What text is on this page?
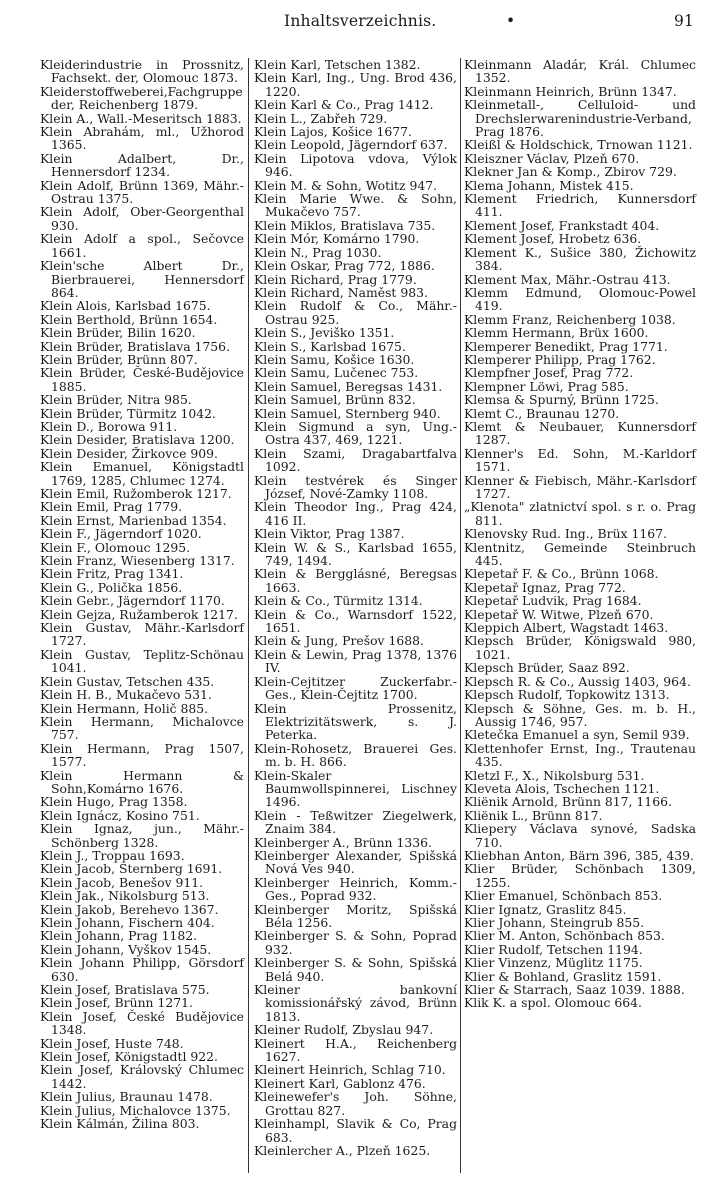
Inhaltsverzeichnis.	•	91
Kleiderindustrie in Prossnitz, Fachsekt. der, Olomouc 1873.
Kleiderstoffweberei,Fachgruppe der, Reichenberg 1879.
Klein A., Wall.-Meseritsch 1883.
Klein Abrahám, ml., Užhorod 1365.
Klein Adalbert, Dr., Hennersdorf 1234.
Klein Adolf, Brünn 1369, Mähr.-Ostrau 1375.
Klein Adolf, Ober-Georgenthal 930.
Klein Adolf a spol., Sečovce 1661.
Klein'sche Albert Dr., Bierbrauerei, Hennersdorf 864.
Klein Alois, Karlsbad 1675.
Klein Berthold, Brünn 1654.
Klein Brüder, Bilin 1620.
Klein Brüder, Bratislava 1756.
Klein Brüder, Brünn 807.
Klein Brüder, České-Budějovice 1885.
Klein Brüder, Nitra 985.
Klein Brüder, Türmitz 1042.
Klein D., Borowa 911.
Klein Desider, Bratislava 1200.
Klein Desider, Žirkovce 909.
Klein Emanuel, Königstadtl 1769, 1285, Chlumec 1274.
Klein Emil, Ružomberok 1217.
Klein Emil, Prag 1779.
Klein Ernst, Marienbad 1354.
Klein F., Jägerndorf 1020.
Klein F., Olomouc 1295.
Klein Franz, Wiesenberg 1317.
Klein Fritz, Prag 1341.
Klein G., Polička 1856.
Klein Gebr., Jägerndorf 1170.
Klein Gejza, Ružamberok 1217.
Klein Gustav, Mähr.-Karlsdorf 1727.
Klein Gustav, Teplitz-Schönau 1041.
Klein Gustav, Tetschen 435.
Klein H. B., Mukačevo 531.
Klein Hermann, Holič 885.
Klein Hermann, Michalovce 757.
Klein Hermann, Prag 1507, 1577.
Klein Hermann & Sohn,Komárno 1676.
Klein Hugo, Prag 1358.
Klein Ignácz, Kosino 751.
Klein Ignaz, jun., Mähr.-Schönberg 1328.
Klein J., Troppau 1693.
Klein Jacob, Sternberg 1691.
Klein Jacob, Benešov 911.
Klein Jak., Nikolsburg 513.
Klein Jakob, Berehevo 1367.
Klein Johann, Fischern 404.
Klein Johann, Prag 1182.
Klein Johann, Vyškov 1545.
Klein Johann Philipp, Görsdorf 630.
Klein Josef, Bratislava 575.
Klein Josef, Brünn 1271.
Klein Josef, České Budějovice 1348.
Klein Josef, Huste 748.
Klein Josef, Königstadtl 922.
Klein Josef, Královský Chlumec 1442.
Klein Julius, Braunau 1478.
Klein Julius, Michalovce 1375.
Klein Kálmán, Žilina 803.
Klein Karl, Tetschen 1382.
Klein Karl, Ing., Ung. Brod 436, 1220.
Klein Karl & Co., Prag 1412.
Klein L., Zabřeh 729.
Klein Lajos, Košice 1677.
Klein Leopold, Jägerndorf 637.
Klein Lipotova vdova, Výlok 946.
Klein M. & Sohn, Wotitz 947.
Klein Marie Wwe. & Sohn, Mukačevo 757.
Klein Miklos, Bratislava 735.
Klein Mór, Komárno 1790.
Klein N., Prag 1030.
Klein Oskar, Prag 772, 1886.
Klein Richard, Prag 1779.
Klein Richard, Naměst 983.
Klein Rudolf & Co., Mähr.-Ostrau 925.
Klein S., Jeviško 1351.
Klein S., Karlsbad 1675.
Klein Samu, Košice 1630.
Klein Samu, Lučenec 753.
Klein Samuel, Beregsas 1431.
Klein Samuel, Brünn 832.
Klein Samuel, Sternberg 940.
Klein Sigmund a syn, Ung.-Ostra 437, 469, 1221.
Klein Szami, Dragabartfalva 1092.
Klein testvérek és Singer József, Nové-Zamky 1108.
Klein Theodor Ing., Prag 424, 416 II.
Klein Viktor, Prag 1387.
Klein W. & S., Karlsbad 1655, 749, 1494.
Klein & Bergglásné, Beregsas 1663.
Klein & Co., Türmitz 1314.
Klein & Co., Warnsdorf 1522, 1651.
Klein & Jung, Prešov 1688.
Klein & Lewin, Prag 1378, 1376 IV.
Klein-Cejtitzer Zuckerfabr.-Ges., Klein-Čejtitz 1700.
Klein Prossenitz, Elektrizitätswerk, s. J. Peterka.
Klein-Rohosetz, Brauerei Ges. m. b. H. 866.
Klein-Skaler Baumwollspinnerei, Lischney 1496.
Klein - Teßwitzer Ziegelwerk, Znaim 384.
Kleinberger A., Brünn 1336.
Kleinberger Alexander, Spišská Nová Ves 940.
Kleinberger Heinrich, Komm.-Ges., Poprad 932.
Kleinberger Moritz, Spišská Béla 1256.
Kleinberger S. & Sohn, Poprad 932.
Kleinberger S. & Sohn, Spišská Belá 940.
Kleiner bankovní komissionářský závod, Brünn 1813.
Kleiner Rudolf, Zbyslau 947.
Kleinert H.A., Reichenberg 1627.
Kleinert Heinrich, Schlag 710.
Kleinert Karl, Gablonz 476.
Kleinewefer's Joh. Söhne, Grottau 827.
Kleinhampl, Slavik & Co, Prag 683.
Kleinlercher A., Plzeň 1625.
Kleinmann Aladár, Král. Chlumec 1352.
Kleinmann Heinrich, Brünn 1347.
Kleinmetall-, Celluloid- und Drechslerwarenindustrie-Verband, Prag 1876.
Kleißl & Holdschick, Trnowan 1121.
Kleiszner Václav, Plzeň 670.
Klekner Jan & Komp., Zbirov 729.
Klema Johann, Mistek 415.
Klement Friedrich, Kunnersdorf 411.
Klement Josef, Frankstadt 404.
Klement Josef, Hrobetz 636.
Klement K., Sušice 380, Žichowitz 384.
Klement Max, Mähr.-Ostrau 413.
Klemm Edmund, Olomouc-Powel 419.
Klemm Franz, Reichenberg 1038.
Klemm Hermann, Brüx 1600.
Klemperer Benedikt, Prag 1771.
Klemperer Philipp, Prag 1762.
Klempfner Josef, Prag 772.
Klempner Löwi, Prag 585.
Klemsa & Spurný, Brünn 1725.
Klemt C., Braunau 1270.
Klemt & Neubauer, Kunnersdorf 1287.
Klenner's Ed. Sohn, M.-Karldorf 1571.
Klenner & Fiebisch, Mähr.-Karlsdorf 1727.
„Klenota" zlatnictví spol. s r. o. Prag 811.
Klenovsky Rud. Ing., Brüx 1167.
Klentnitz, Gemeinde Steinbruch 445.
Klepetař F. & Co., Brünn 1068.
Klepetař Ignaz, Prag 772.
Klepetař Ludvik, Prag 1684.
Klepetař W. Witwe, Plzeň 670.
Kleppich Albert, Wagstadt 1463.
Klepsch Brüder, Königswald 980, 1021.
Klepsch Brüder, Saaz 892.
Klepsch R. & Co., Aussig 1403, 964.
Klepsch Rudolf, Topkowitz 1313.
Klepsch & Söhne, Ges. m. b. H., Aussig 1746, 957.
Kletečka Emanuel a syn, Semil 939.
Klettenhofer Ernst, Ing., Trautenau 435.
Kletzl F., X., Nikolsburg 531.
Kleveta Alois, Tschechen 1121.
Kliënik Arnold, Brünn 817, 1166.
Kliënik L., Brünn 817.
Kliepery Václava synové, Sadska 710.
Kliebhan Anton, Bärn 396, 385, 439.
Klier Brüder, Schönbach 1309, 1255.
Klier Emanuel, Schönbach 853.
Klier Ignatz, Graslitz 845.
Klier Johann, Steingrub 855.
Klier M. Anton, Schönbach 853.
Klier Rudolf, Tetschen 1194.
Klier Vinzenz, Müglitz 1175.
Klier & Bohland, Graslitz 1591.
Klier & Starrach, Saaz 1039. 1888.
Klik K. a spol. Olomouc 664.
